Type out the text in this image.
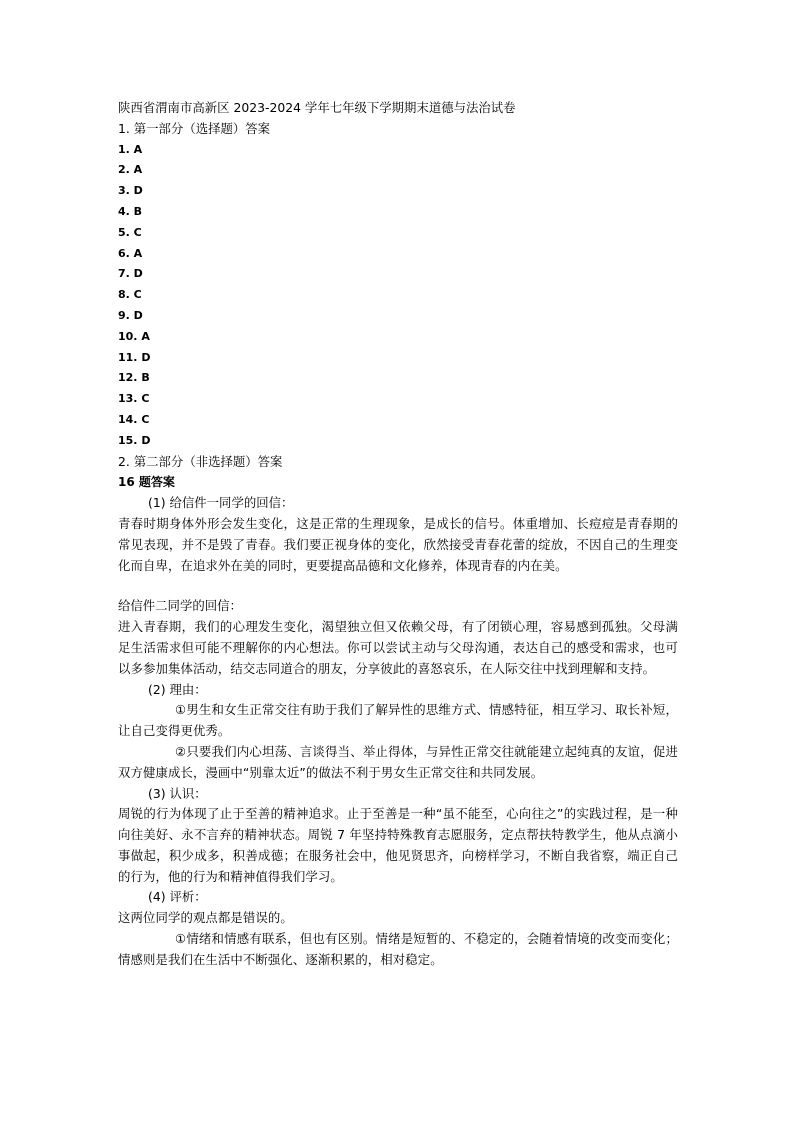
陕西省渭南市高新区 2023-2024 学年七年级下学期期末道德与法治试卷
1. 第一部分（选择题）答案
1. A
2. A
3. D
4. B
5. C
6. A
7. D
8. C
9. D
10. A
11. D
12. B
13. C
14. C
15. D
2. 第二部分（非选择题）答案
16 题答案
(1) 给信件一同学的回信：
青春时期身体外形会发生变化，这是正常的生理现象，是成长的信号。体重增加、长痘痘是青春期的常见表现，并不是毁了青春。我们要正视身体的变化，欣然接受青春花蕾的绽放，不因自己的生理变化而自卑，在追求外在美的同时，更要提高品德和文化修养，体现青春的内在美。
给信件二同学的回信：
进入青春期，我们的心理发生变化，渴望独立但又依赖父母，有了闭锁心理，容易感到孤独。父母满足生活需求但可能不理解你的内心想法。你可以尝试主动与父母沟通，表达自己的感受和需求，也可以多参加集体活动，结交志同道合的朋友，分享彼此的喜怒哀乐，在人际交往中找到理解和支持。
(2) 理由：
①男生和女生正常交往有助于我们了解异性的思维方式、情感特征，相互学习、取长补短，让自己变得更优秀。
②只要我们内心坦荡、言谈得当、举止得体，与异性正常交往就能建立起纯真的友谊，促进双方健康成长，漫画中“别靠太近”的做法不利于男女生正常交往和共同发展。
(3) 认识：
周锐的行为体现了止于至善的精神追求。止于至善是一种“虽不能至，心向往之”的实践过程，是一种向往美好、永不言弃的精神状态。周锐 7 年坚持特殊教育志愿服务，定点帮扶特教学生，他从点滴小事做起，积少成多，积善成德；在服务社会中，他见贤思齐，向榜样学习，不断自我省察，端正自己的行为，他的行为和精神值得我们学习。
(4) 评析：
这两位同学的观点都是错误的。
①情绪和情感有联系，但也有区别。情绪是短暂的、不稳定的，会随着情境的改变而变化；情感则是我们在生活中不断强化、逐渐积累的，相对稳定。
